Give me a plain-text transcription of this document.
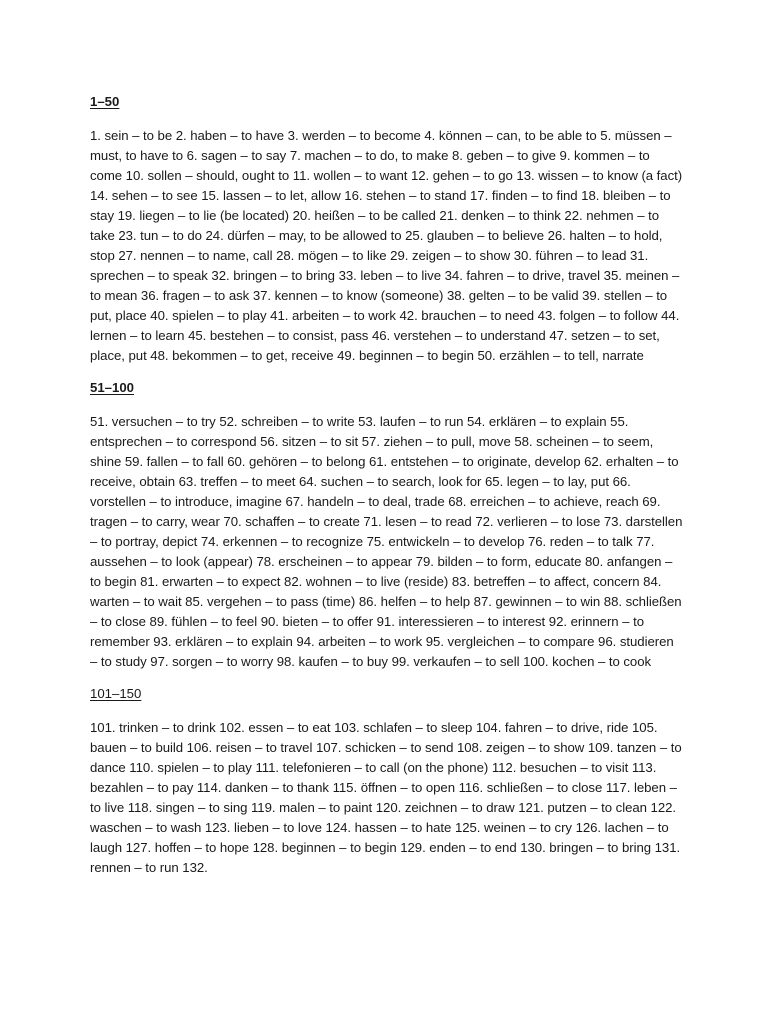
1–50
1. sein – to be 2. haben – to have 3. werden – to become 4. können – can, to be able to 5. müssen – must, to have to 6. sagen – to say 7. machen – to do, to make 8. geben – to give 9. kommen – to come 10. sollen – should, ought to 11. wollen – to want 12. gehen – to go 13. wissen – to know (a fact) 14. sehen – to see 15. lassen – to let, allow 16. stehen – to stand 17. finden – to find 18. bleiben – to stay 19. liegen – to lie (be located) 20. heißen – to be called 21. denken – to think 22. nehmen – to take 23. tun – to do 24. dürfen – may, to be allowed to 25. glauben – to believe 26. halten – to hold, stop 27. nennen – to name, call 28. mögen – to like 29. zeigen – to show 30. führen – to lead 31. sprechen – to speak 32. bringen – to bring 33. leben – to live 34. fahren – to drive, travel 35. meinen – to mean 36. fragen – to ask 37. kennen – to know (someone) 38. gelten – to be valid 39. stellen – to put, place 40. spielen – to play 41. arbeiten – to work 42. brauchen – to need 43. folgen – to follow 44. lernen – to learn 45. bestehen – to consist, pass 46. verstehen – to understand 47. setzen – to set, place, put 48. bekommen – to get, receive 49. beginnen – to begin 50. erzählen – to tell, narrate
51–100
51. versuchen – to try 52. schreiben – to write 53. laufen – to run 54. erklären – to explain 55. entsprechen – to correspond 56. sitzen – to sit 57. ziehen – to pull, move 58. scheinen – to seem, shine 59. fallen – to fall 60. gehören – to belong 61. entstehen – to originate, develop 62. erhalten – to receive, obtain 63. treffen – to meet 64. suchen – to search, look for 65. legen – to lay, put 66. vorstellen – to introduce, imagine 67. handeln – to deal, trade 68. erreichen – to achieve, reach 69. tragen – to carry, wear 70. schaffen – to create 71. lesen – to read 72. verlieren – to lose 73. darstellen – to portray, depict 74. erkennen – to recognize 75. entwickeln – to develop 76. reden – to talk 77. aussehen – to look (appear) 78. erscheinen – to appear 79. bilden – to form, educate 80. anfangen – to begin 81. erwarten – to expect 82. wohnen – to live (reside) 83. betreffen – to affect, concern 84. warten – to wait 85. vergehen – to pass (time) 86. helfen – to help 87. gewinnen – to win 88. schließen – to close 89. fühlen – to feel 90. bieten – to offer 91. interessieren – to interest 92. erinnern – to remember 93. erklären – to explain 94. arbeiten – to work 95. vergleichen – to compare 96. studieren – to study 97. sorgen – to worry 98. kaufen – to buy 99. verkaufen – to sell 100. kochen – to cook
101–150
101. trinken – to drink 102. essen – to eat 103. schlafen – to sleep 104. fahren – to drive, ride 105. bauen – to build 106. reisen – to travel 107. schicken – to send 108. zeigen – to show 109. tanzen – to dance 110. spielen – to play 111. telefonieren – to call (on the phone) 112. besuchen – to visit 113. bezahlen – to pay 114. danken – to thank 115. öffnen – to open 116. schließen – to close 117. leben – to live 118. singen – to sing 119. malen – to paint 120. zeichnen – to draw 121. putzen – to clean 122. waschen – to wash 123. lieben – to love 124. hassen – to hate 125. weinen – to cry 126. lachen – to laugh 127. hoffen – to hope 128. beginnen – to begin 129. enden – to end 130. bringen – to bring 131. rennen – to run 132.
